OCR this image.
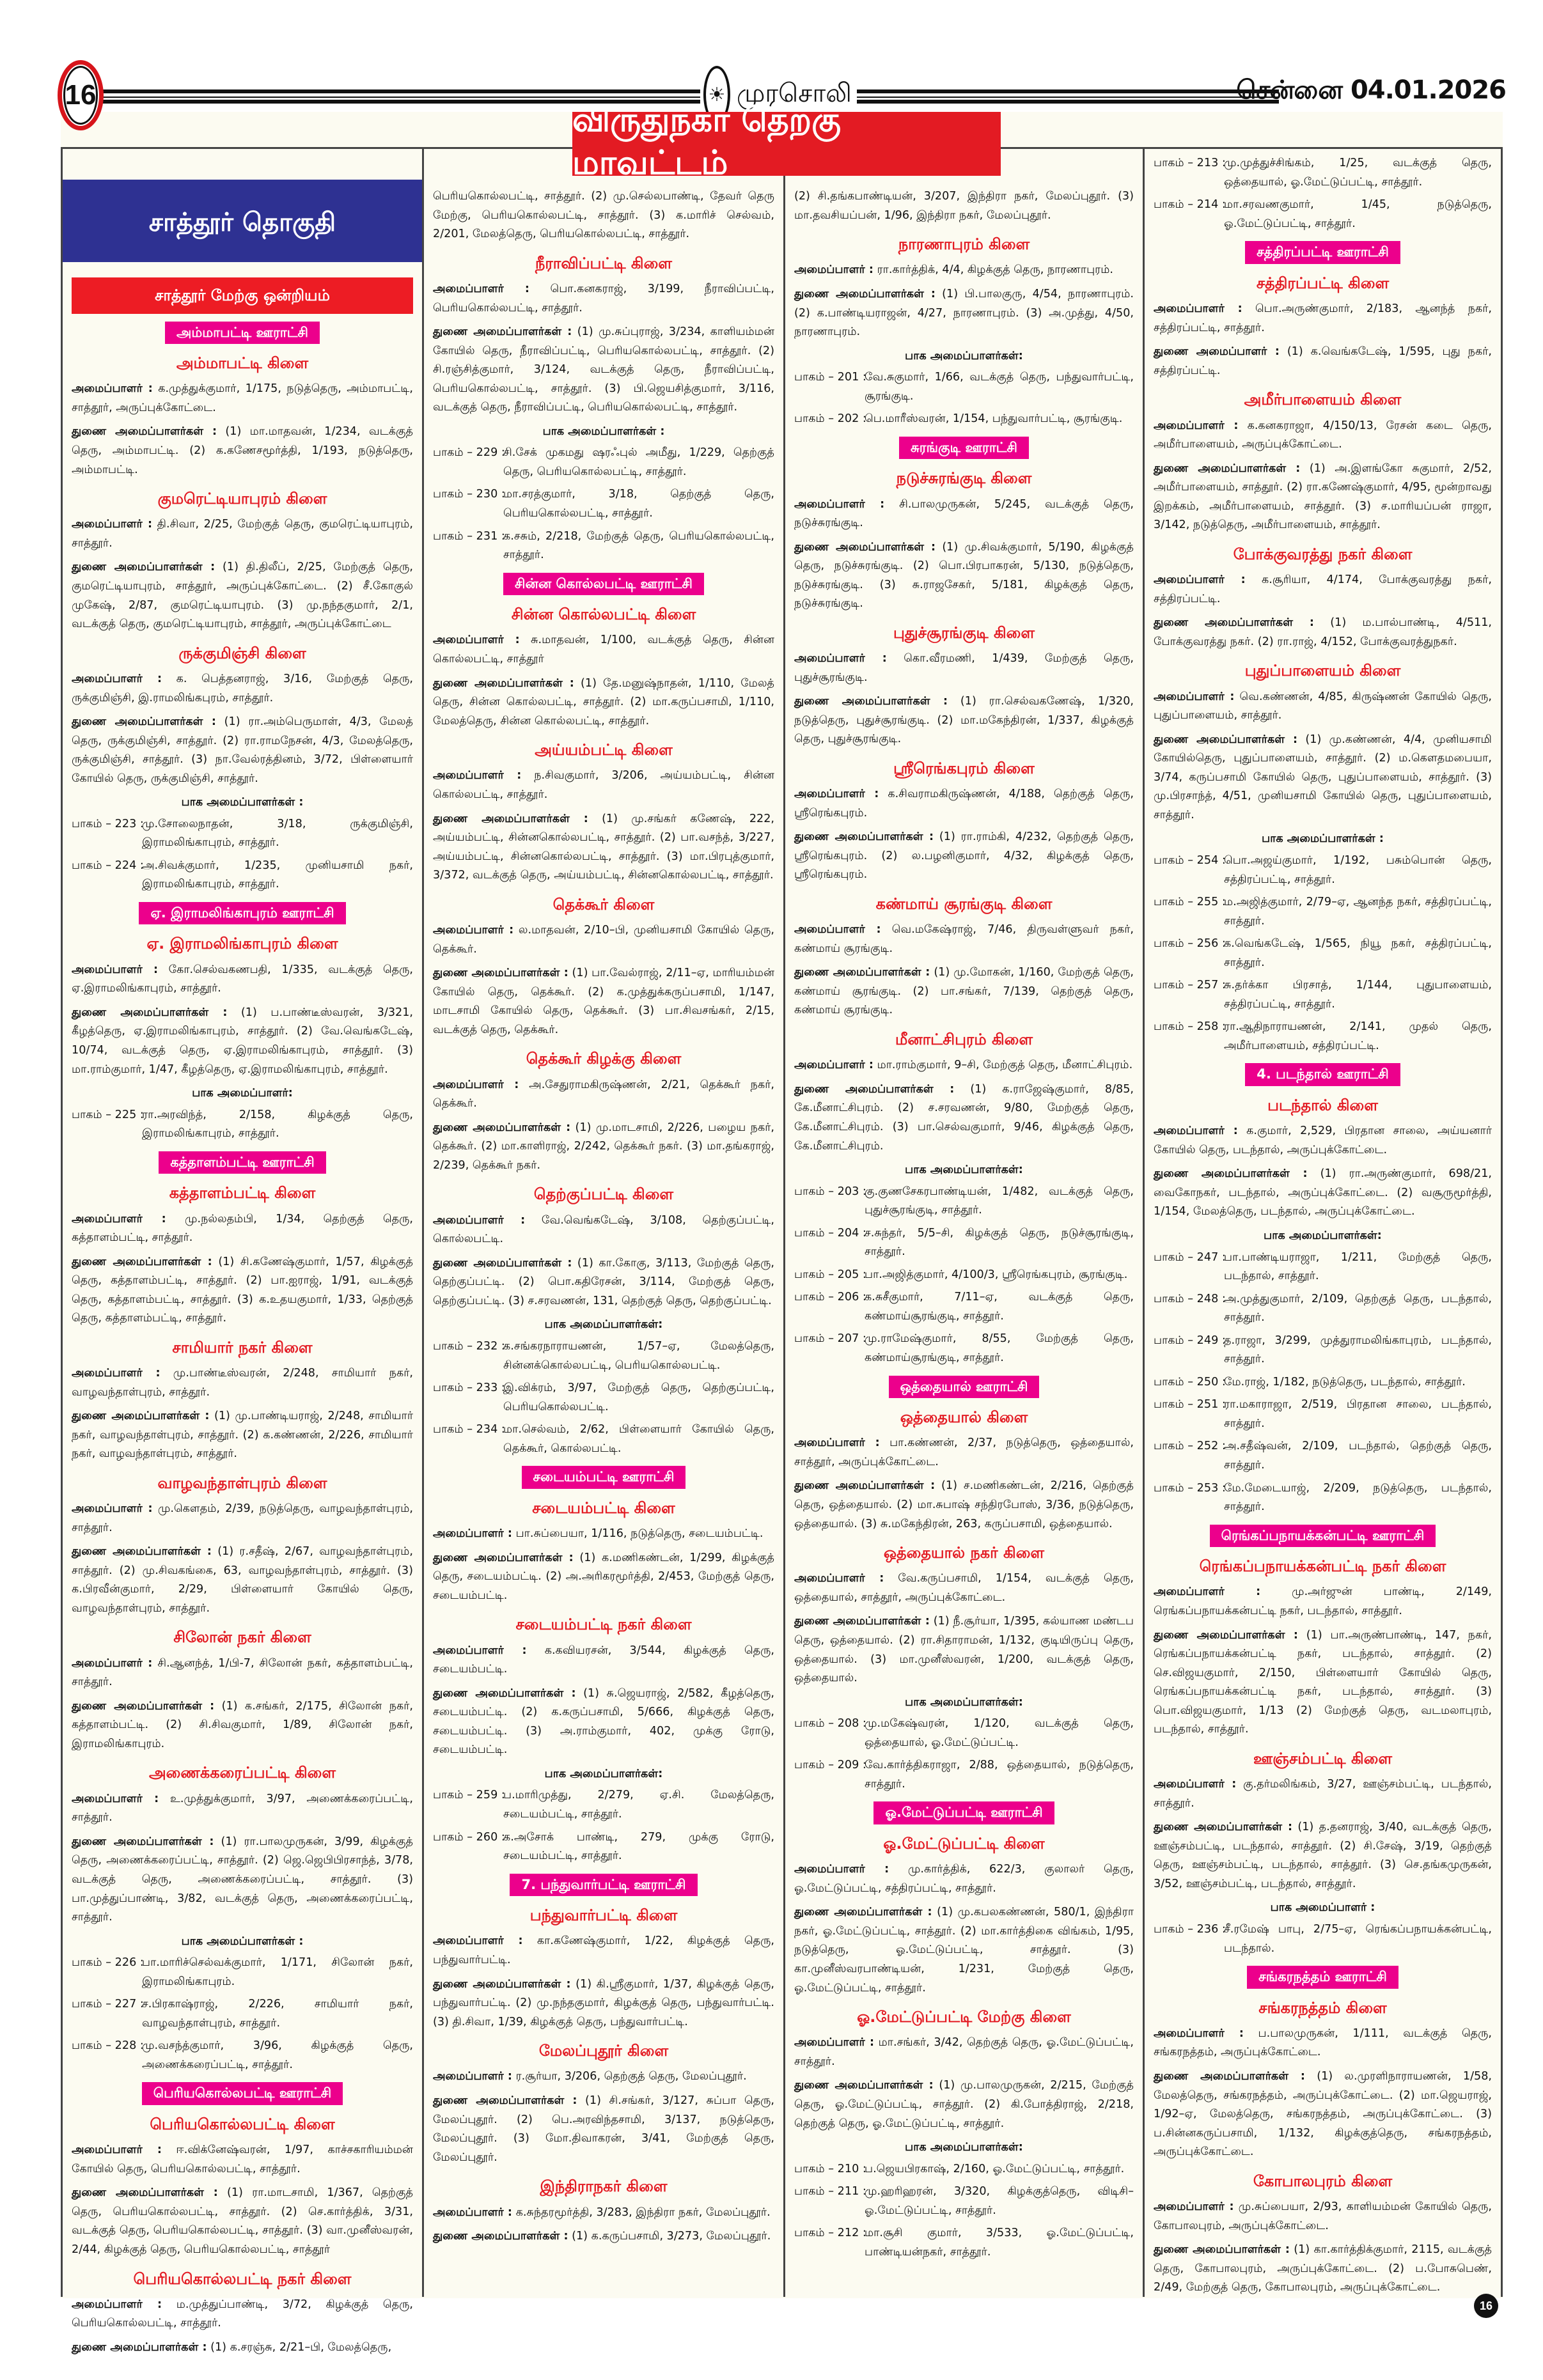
16	☀ முரசொலி	சென்னை 04.01.2026
விருதுநகர் தெற்கு மாவட்டம்
சாத்தூர் தொகுதி
சாத்தூர் மேற்கு ஒன்றியம்
அம்மாபட்டி ஊராட்சி
அம்மாபட்டி கிளை
அமைப்பாளர் : க.முத்துக்குமார், 1/175, நடுத்தெரு, அம்மாபட்டி, சாத்தூர், அருப்புக்கோட்டை.
துணை அமைப்பாளர்கள் : (1) மா.மாதவன், 1/234, வடக்குத் தெரு, அம்மாபட்டி. (2) க.கணேசமூர்த்தி, 1/193, நடுத்தெரு, அம்மாபட்டி.
குமரெட்டியாபுரம் கிளை
அமைப்பாளர் : தி.சிவா, 2/25, மேற்குத் தெரு, குமரெட்டியாபுரம், சாத்தூர்.
துணை அமைப்பாளர்கள் : (1) தி.திலீப், 2/25, மேற்குத் தெரு, குமரெட்டியாபுரம், சாத்தூர், அருப்புக்கோட்டை. (2) சீ.கோகுல் முகேஷ், 2/87, குமரெட்டியாபுரம். (3) மு.நந்தகுமார், 2/1, வடக்குத் தெரு, குமரெட்டியாபுரம், சாத்தூர், அருப்புக்கோட்டை
ருக்குமிஞ்சி கிளை
அமைப்பாளர் : க. பெத்தனராஜ், 3/16, மேற்குத் தெரு, ருக்குமிஞ்சி, இ.ராமலிங்கபுரம், சாத்தூர்.
துணை அமைப்பாளர்கள் : (1) ரா.அம்பெருமாள், 4/3, மேலத் தெரு, ருக்குமிஞ்சி, சாத்தூர். (2) ரா.ராமநேசன், 4/3, மேலத்தெரு, ருக்குமிஞ்சி, சாத்தூர். (3) நா.வேல்ரத்தினம், 3/72, பிள்ளையார் கோயில் தெரு, ருக்குமிஞ்சி, சாத்தூர்.
பாக அமைப்பாளர்கள் :
பாகம் – 223 :
மு.சோலைநாதன், 3/18, ருக்குமிஞ்சி, இராமலிங்காபுரம், சாத்தூர்.
பாகம் – 224 :
அ.சிவக்குமார், 1/235, முனியசாமி நகர், இராமலிங்காபுரம், சாத்தூர்.
ஏ. இராமலிங்காபுரம் ஊராட்சி
ஏ. இராமலிங்காபுரம் கிளை
அமைப்பாளர் : கோ.செல்வகணபதி, 1/335, வடக்குத் தெரு, ஏ.இராமலிங்காபுரம், சாத்தூர்.
துணை அமைப்பாளர்கள் : (1) ப.பாண்டீஸ்வரன், 3/321, கீழத்தெரு, ஏ.இராமலிங்காபுரம், சாத்தூர். (2) வே.வெங்கடேஷ், 10/74, வடக்குத் தெரு, ஏ.இராமலிங்காபுரம், சாத்தூர். (3) மா.ராம்குமார், 1/47, கீழத்தெரு, ஏ.இராமலிங்காபுரம், சாத்தூர்.
பாக அமைப்பாளர்:
பாகம் – 225 :
ரா.அரவிந்த், 2/158, கிழக்குத் தெரு, இராமலிங்காபுரம், சாத்தூர்.
கத்தாளம்பட்டி ஊராட்சி
கத்தாளம்பட்டி கிளை
அமைப்பாளர் : மு.நல்லதம்பி, 1/34, தெற்குத் தெரு, கத்தாளம்பட்டி, சாத்தூர்.
துணை அமைப்பாளர்கள் : (1) சி.கணேஷ்குமார், 1/57, கிழக்குத் தெரு, கத்தாளம்பட்டி, சாத்தூர். (2) பா.ஐராஜ், 1/91, வடக்குத் தெரு, கத்தாளம்பட்டி, சாத்தூர். (3) க.உதயகுமார், 1/33, தெற்குத் தெரு, கத்தாளம்பட்டி, சாத்தூர்.
சாமியார் நகர் கிளை
அமைப்பாளர் : மு.பாண்டீஸ்வரன், 2/248, சாமியார் நகர், வாழவந்தாள்புரம், சாத்தூர்.
துணை அமைப்பாளர்கள் : (1) மு.பாண்டியராஜ், 2/248, சாமியார் நகர், வாழவந்தாள்புரம், சாத்தூர். (2) க.கண்ணன், 2/226, சாமியார் நகர், வாழவந்தாள்புரம், சாத்தூர்.
வாழவந்தாள்புரம் கிளை
அமைப்பாளர் : மு.கௌதம், 2/39, நடுத்தெரு, வாழவந்தாள்புரம், சாத்தூர்.
துணை அமைப்பாளர்கள் : (1) ர.சதீஷ், 2/67, வாழவந்தாள்புரம், சாத்தூர். (2) மு.சிவகங்கை, 63, வாழவந்தாள்புரம், சாத்தூர். (3) க.பிரவீன்குமார், 2/29, பிள்ளையார் கோயில் தெரு, வாழவந்தாள்புரம், சாத்தூர்.
சிலோன் நகர் கிளை
அமைப்பாளர் : சி.ஆனந்த், 1/பி-7, சிலோன் நகர், கத்தாளம்பட்டி, சாத்தூர்.
துணை அமைப்பாளர்கள் : (1) க.சங்கர், 2/175, சிலோன் நகர், கத்தாளம்பட்டி. (2) சி.சிவகுமார், 1/89, சிலோன் நகர், இராமலிங்காபுரம்.
அணைக்கரைப்பட்டி கிளை
அமைப்பாளர் : உ.முத்துக்குமார், 3/97, அணைக்கரைப்பட்டி, சாத்தூர்.
துணை அமைப்பாளர்கள் : (1) ரா.பாலமுருகன், 3/99, கிழக்குத் தெரு, அணைக்கரைப்பட்டி, சாத்தூர். (2) ஜெ.ஜெபிபிரசாந்த், 3/78, வடக்குத் தெரு, அணைக்கரைப்பட்டி, சாத்தூர். (3) பா.முத்துப்பாண்டி, 3/82, வடக்குத் தெரு, அணைக்கரைப்பட்டி, சாத்தூர்.
பாக அமைப்பாளர்கள் :
பாகம் – 226 :
பா.மாரிச்செல்வக்குமார், 1/171, சிலோன் நகர், இராமலிங்காபுரம்.
பாகம் – 227 :
ச.பிரகாஷ்ராஜ், 2/226, சாமியார் நகர், வாழவந்தாள்புரம், சாத்தூர்.
பாகம் – 228 :
மு.வசந்த்குமார், 3/96, கிழக்குத் தெரு, அணைக்கரைப்பட்டி, சாத்தூர்.
பெரியகொல்லபட்டி ஊராட்சி
பெரியகொல்லபட்டி கிளை
அமைப்பாளர் : ஈ.விக்னேஷ்வரன், 1/97, காச்சகாரியம்மன் கோயில் தெரு, பெரியகொல்லபட்டி, சாத்தூர்.
துணை அமைப்பாளர்கள் : (1) ரா.மாடசாமி, 1/367, தெற்குத் தெரு, பெரியகொல்லபட்டி, சாத்தூர். (2) செ.கார்த்திக், 3/31, வடக்குத் தெரு, பெரியகொல்லபட்டி, சாத்தூர். (3) வா.முனீஸ்வரன், 2/44, கிழக்குத் தெரு, பெரியகொல்லபட்டி, சாத்தூர்
பெரியகொல்லபட்டி நகர் கிளை
அமைப்பாளர் : ம.முத்துப்பாண்டி, 3/72, கிழக்குத் தெரு, பெரியகொல்லபட்டி, சாத்தூர்.
துணை அமைப்பாளர்கள் : (1) க.சரஞ்சு, 2/21–பி, மேலத்தெரு,
பெரியகொல்லபட்டி, சாத்தூர். (2) மு.செல்லபாண்டி, தேவர் தெரு மேற்கு, பெரியகொல்லபட்டி, சாத்தூர். (3) க.மாரிச் செல்வம், 2/201, மேலத்தெரு, பெரியகொல்லபட்டி, சாத்தூர்.
நீராவிப்பட்டி கிளை
அமைப்பாளர் : பொ.கனகராஜ், 3/199, நீராவிப்பட்டி, பெரியகொல்லபட்டி, சாத்தூர்.
துணை அமைப்பாளர்கள் : (1) மு.சுப்புராஜ், 3/234, காளியம்மன் கோயில் தெரு, நீராவிப்பட்டி, பெரியகொல்லபட்டி, சாத்தூர். (2) சி.ரஞ்சித்குமார், 3/124, வடக்குத் தெரு, நீராவிப்பட்டி, பெரியகொல்லபட்டி, சாத்தூர். (3) பி.ஜெயசித்குமார், 3/116, வடக்குத் தெரு, நீராவிப்பட்டி, பெரியகொல்லபட்டி, சாத்தூர்.
பாக அமைப்பாளர்கள் :
பாகம் – 229 :
சி.சேக் முகமது ஷரஃபுல் அமீது, 1/229, தெற்குத் தெரு, பெரியகொல்லபட்டி, சாத்தூர்.
பாகம் – 230 :
மா.சரத்குமார், 3/18, தெற்குத் தெரு, பெரியகொல்லபட்டி, சாத்தூர்.
பாகம் – 231 :
க.சசும், 2/218, மேற்குத் தெரு, பெரியகொல்லபட்டி, சாத்தூர்.
சின்ன கொல்லபட்டி ஊராட்சி
சின்ன கொல்லபட்டி கிளை
அமைப்பாளர் : சு.மாதவன், 1/100, வடக்குத் தெரு, சின்ன கொல்லபட்டி, சாத்தூர்
துணை அமைப்பாளர்கள் : (1) தே.மனுஷ்நாதன், 1/110, மேலத் தெரு, சின்ன கொல்லபட்டி, சாத்தூர். (2) மா.கருப்பசாமி, 1/110, மேலத்தெரு, சின்ன கொல்லபட்டி, சாத்தூர்.
அய்யம்பட்டி கிளை
அமைப்பாளர் : ந.சிவகுமார், 3/206, அய்யம்பட்டி, சின்ன கொல்லபட்டி, சாத்தூர்.
துணை அமைப்பாளர்கள் : (1) மு.சங்கர் கணேஷ், 222, அய்யம்பட்டி, சின்னகொல்லபட்டி, சாத்தூர். (2) பா.வசந்த், 3/227, அய்யம்பட்டி, சின்னகொல்லபட்டி, சாத்தூர். (3) மா.பிரபுத்குமார், 3/372, வடக்குத் தெரு, அய்யம்பட்டி, சின்னகொல்லபட்டி, சாத்தூர்.
தெக்கூர் கிளை
அமைப்பாளர் : ல.மாதவன், 2/10–பி, முனியசாமி கோயில் தெரு, தெக்கூர்.
துணை அமைப்பாளர்கள் : (1) பா.வேல்ராஜ், 2/11–ஏ, மாரியம்மன் கோயில் தெரு, தெக்கூர். (2) க.முத்துக்கருப்பசாமி, 1/147, மாடசாமி கோயில் தெரு, தெக்கூர். (3) பா.சிவசங்கர், 2/15, வடக்குத் தெரு, தெக்கூர்.
தெக்கூர் கிழக்கு கிளை
அமைப்பாளர் : அ.சேதுராமகிருஷ்ணன், 2/21, தெக்கூர் நகர், தெக்கூர்.
துணை அமைப்பாளர்கள் : (1) மு.மாடசாமி, 2/226, பழைய நகர், தெக்கூர். (2) மா.காளிராஜ், 2/242, தெக்கூர் நகர். (3) மா.தங்கராஜ், 2/239, தெக்கூர் நகர்.
தெற்குப்பட்டி கிளை
அமைப்பாளர் : வே.வெங்கடேஷ், 3/108, தெற்குப்பட்டி, கொல்லபட்டி.
துணை அமைப்பாளர்கள் : (1) கா.கோகு, 3/113, மேற்குத் தெரு, தெற்குப்பட்டி. (2) பொ.கதிரேசன், 3/114, மேற்குத் தெரு, தெற்குப்பட்டி. (3) ச.சரவணன், 131, தெற்குத் தெரு, தெற்குப்பட்டி.
பாக அமைப்பாளர்கள்:
பாகம் – 232 :
க.சங்கரநாராயணன், 1/57–ஏ, மேலத்தெரு, சின்னக்கொல்லபட்டி, பெரியகொல்லபட்டி.
பாகம் – 233 :
இ.விக்ரம், 3/97, மேற்குத் தெரு, தெற்குப்பட்டி, பெரியகொல்லபட்டி.
பாகம் – 234 :
மா.செல்வம், 2/62, பிள்ளையார் கோயில் தெரு, தெக்கூர், கொல்லபட்டி.
சடையம்பட்டி ஊராட்சி
சடையம்பட்டி கிளை
அமைப்பாளர் : பா.சுப்பையா, 1/116, நடுத்தெரு, சடையம்பட்டி.
துணை அமைப்பாளர்கள் : (1) க.மணிகண்டன், 1/299, கிழக்குத் தெரு, சடையம்பட்டி. (2) அ.அரிகரமூர்த்தி, 2/453, மேற்குத் தெரு, சடையம்பட்டி.
சடையம்பட்டி நகர் கிளை
அமைப்பாளர் : க.கவியரசன், 3/544, கிழக்குத் தெரு, சடையம்பட்டி.
துணை அமைப்பாளர்கள் : (1) சு.ஜெயராஜ், 2/582, கீழத்தெரு, சடையம்பட்டி. (2) க.கருப்பசாமி, 5/666, கிழக்குத் தெரு, சடையம்பட்டி. (3) அ.ராம்குமார், 402, முக்கு ரோடு, சடையம்பட்டி.
பாக அமைப்பாளர்கள்:
பாகம் – 259 :
ப.மாரிமுத்து, 2/279, ஏ.சி. மேலத்தெரு, சடையம்பட்டி, சாத்தூர்.
பாகம் – 260 :
க.அசோக் பாண்டி, 279, முக்கு ரோடு, சடையம்பட்டி, சாத்தூர்.
7. பந்துவார்பட்டி ஊராட்சி
பந்துவார்பட்டி கிளை
அமைப்பாளர் : கா.கணேஷ்குமார், 1/22, கிழக்குத் தெரு, பந்துவார்பட்டி.
துணை அமைப்பாளர்கள் : (1) கி.ஸ்ரீகுமார், 1/37, கிழக்குத் தெரு, பந்துவார்பட்டி. (2) மு.நந்தகுமார், கிழக்குத் தெரு, பந்துவார்பட்டி. (3) தி.சிவா, 1/39, கிழக்குத் தெரு, பந்துவார்பட்டி.
மேலப்புதூர் கிளை
அமைப்பாளர் : ர.சூர்யா, 3/206, தெற்குத் தெரு, மேலப்புதூர்.
துணை அமைப்பாளர்கள் : (1) சி.சங்கர், 3/127, சுப்பா தெரு, மேலப்புதூர். (2) பெ.அரவிந்தசாமி, 3/137, நடுத்தெரு, மேலப்புதூர். (3) மோ.திவாகரன், 3/41, மேற்குத் தெரு, மேலப்புதூர்.
இந்திராநகர் கிளை
அமைப்பாளர் : க.சுந்தரமூர்த்தி, 3/283, இந்திரா நகர், மேலப்புதூர்.
துணை அமைப்பாளர்கள் : (1) க.கருப்பசாமி, 3/273, மேலப்புதூர்.
(2) சி.தங்கபாண்டியன், 3/207, இந்திரா நகர், மேலப்புதூர். (3) மா.தவசியப்பன், 1/96, இந்திரா நகர், மேலப்புதூர்.
நாரணாபுரம் கிளை
அமைப்பாளர் : ரா.கார்த்திக், 4/4, கிழக்குத் தெரு, நாரணாபுரம்.
துணை அமைப்பாளர்கள் : (1) பி.பாலகுரு, 4/54, நாரணாபுரம். (2) க.பாண்டியராஜன், 4/27, நாரணாபுரம். (3) அ.முத்து, 4/50, நாரணாபுரம்.
பாக அமைப்பாளர்கள்:
பாகம் – 201 :
வே.சுகுமார், 1/66, வடக்குத் தெரு, பந்துவார்பட்டி, சூரங்குடி.
பாகம் – 202 :
பெ.மாரீஸ்வரன், 1/154, பந்துவார்பட்டி, சூரங்குடி.
சுரங்குடி ஊராட்சி
நடுச்சுரங்குடி கிளை
அமைப்பாளர் : சி.பாலமுருகன், 5/245, வடக்குத் தெரு, நடுச்சுரங்குடி.
துணை அமைப்பாளர்கள் : (1) மு.சிவக்குமார், 5/190, கிழக்குத் தெரு, நடுச்சுரங்குடி. (2) பொ.பிரபாகரன், 5/130, நடுத்தெரு, நடுச்சுரங்குடி. (3) சு.ராஜசேகர், 5/181, கிழக்குத் தெரு, நடுச்சுரங்குடி.
புதுச்சூரங்குடி கிளை
அமைப்பாளர் : கொ.வீரமணி, 1/439, மேற்குத் தெரு, புதுச்சூரங்குடி.
துணை அமைப்பாளர்கள் : (1) ரா.செல்வகணேஷ், 1/320, நடுத்தெரு, புதுச்சூரங்குடி. (2) மா.மகேந்திரன், 1/337, கிழக்குத் தெரு, புதுச்சூரங்குடி.
ஸ்ரீரெங்கபுரம் கிளை
அமைப்பாளர் : க.சிவராமகிருஷ்ணன், 4/188, தெற்குத் தெரு, ஸ்ரீரெங்கபுரம்.
துணை அமைப்பாளர்கள் : (1) ரா.ராம்கி, 4/232, தெற்குத் தெரு, ஸ்ரீரெங்கபுரம். (2) ல.பழனிகுமார், 4/32, கிழக்குத் தெரு, ஸ்ரீரெங்கபுரம்.
கண்மாய் சூரங்குடி கிளை
அமைப்பாளர் : வெ.மகேஷ்ராஜ், 7/46, திருவள்ளுவர் நகர், கண்மாய் சூரங்குடி.
துணை அமைப்பாளர்கள் : (1) மு.மோகன், 1/160, மேற்குத் தெரு, கண்மாய் சூரங்குடி. (2) பா.சங்கர், 7/139, தெற்குத் தெரு, கண்மாய் சூரங்குடி.
மீனாட்சிபுரம் கிளை
அமைப்பாளர் : மா.ராம்குமார், 9–சி, மேற்குத் தெரு, மீனாட்சிபுரம்.
துணை அமைப்பாளர்கள் : (1) க.ராஜேஷ்குமார், 8/85, கே.மீனாட்சிபுரம். (2) ச.சரவணன், 9/80, மேற்குத் தெரு, கே.மீனாட்சிபுரம். (3) பா.செல்வகுமார், 9/46, கிழக்குத் தெரு, கே.மீனாட்சிபுரம்.
பாக அமைப்பாளர்கள்:
பாகம் – 203 :
கு.குணசேகரபாண்டியன், 1/482, வடக்குத் தெரு, புதுச்சூரங்குடி, சாத்தூர்.
பாகம் – 204 :
ச.சுந்தர், 5/5–சி, கிழக்குத் தெரு, நடுச்சூரங்குடி, சாத்தூர்.
பாகம் – 205 :
பா.அஜித்குமார், 4/100/3, ஸ்ரீரெங்கபுரம், சூரங்குடி.
பாகம் – 206 :
க.சுசீகுமார், 7/11–ஏ, வடக்குத் தெரு, கண்மாய்சூரங்குடி, சாத்தூர்.
பாகம் – 207 :
மு.ராமேஷ்குமார், 8/55, மேற்குத் தெரு, கண்மாய்சூரங்குடி, சாத்தூர்.
ஒத்தையால் ஊராட்சி
ஒத்தையால் கிளை
அமைப்பாளர் : பா.கண்ணன், 2/37, நடுத்தெரு, ஒத்தையால், சாத்தூர், அருப்புக்கோட்டை.
துணை அமைப்பாளர்கள் : (1) ச.மணிகண்டன், 2/216, தெற்குத் தெரு, ஒத்தையால். (2) மா.சுபாஷ் சந்திரபோஸ், 3/36, நடுத்தெரு, ஒத்தையால். (3) சு.மகேந்திரன், 263, கருப்பசாமி, ஒத்தையால்.
ஒத்தையால் நகர் கிளை
அமைப்பாளர் : வே.கருப்பசாமி, 1/154, வடக்குத் தெரு, ஒத்தையால், சாத்தூர், அருப்புக்கோட்டை.
துணை அமைப்பாளர்கள் : (1) நீ.சூர்யா, 1/395, கல்யாண மண்டப தெரு, ஒத்தையால். (2) ரா.சிதாராமன், 1/132, குடியிருப்பு தெரு, ஒத்தையால். (3) மா.முனீஸ்வரன், 1/200, வடக்குத் தெரு, ஒத்தையால்.
பாக அமைப்பாளர்கள்:
பாகம் – 208 :
மு.மகேஷ்வரன், 1/120, வடக்குத் தெரு, ஒத்தையால், ஓ.மேட்டுப்பட்டி.
பாகம் – 209 :
வே.கார்த்திகராஜா, 2/88, ஒத்தையால், நடுத்தெரு, சாத்தூர்.
ஓ.மேட்டுப்பட்டி ஊராட்சி
ஓ.மேட்டுப்பட்டி கிளை
அமைப்பாளர் : மு.கார்த்திக், 622/3, குலாலர் தெரு, ஓ.மேட்டுப்பட்டி, சத்திரப்பட்டி, சாத்தூர்.
துணை அமைப்பாளர்கள் : (1) மு.கபலகண்ணன், 580/1, இந்திரா நகர், ஓ.மேட்டுப்பட்டி, சாத்தூர். (2) மா.கார்த்திகை விங்கம், 1/95, நடுத்தெரு, ஓ.மேட்டுப்பட்டி, சாத்தூர். (3) கா.முனீஸ்வரபாண்டியன், 1/231, மேற்குத் தெரு, ஓ.மேட்டுப்பட்டி, சாத்தூர்.
ஓ.மேட்டுப்பட்டி மேற்கு கிளை
அமைப்பாளர் : மா.சங்கர், 3/42, தெற்குத் தெரு, ஓ.மேட்டுப்பட்டி, சாத்தூர்.
துணை அமைப்பாளர்கள் : (1) மு.பாலமுருகன், 2/215, மேற்குத் தெரு, ஓ.மேட்டுப்பட்டி, சாத்தூர். (2) கி.போத்திராஜ், 2/218, தெற்குத் தெரு, ஓ.மேட்டுப்பட்டி, சாத்தூர்.
பாக அமைப்பாளர்கள்:
பாகம் – 210 :
ப.ஜெயபிரகாஷ், 2/160, ஓ.மேட்டுப்பட்டி, சாத்தூர்.
பாகம் – 211 :
மு.ஹரிஹரன், 3/320, கிழக்குத்தெரு, விடிசி–ஓ.மேட்டுப்பட்டி, சாத்தூர்.
பாகம் – 212 :
மா.சூசி குமார், 3/533, ஓ.மேட்டுப்பட்டி, பாண்டியன்நகர், சாத்தூர்.
பாகம் – 213 :
மு.முத்துச்சிங்கம், 1/25, வடக்குத் தெரு, ஒத்தையால், ஓ.மேட்டுப்பட்டி, சாத்தூர்.
பாகம் – 214 :
மா.சரவணகுமார், 1/45, நடுத்தெரு, ஓ.மேட்டுப்பட்டி, சாத்தூர்.
சத்திரப்பட்டி ஊராட்சி
சத்திரப்பட்டி கிளை
அமைப்பாளர் : பொ.அருண்குமார், 2/183, ஆனந்த் நகர், சத்திரப்பட்டி, சாத்தூர்.
துணை அமைப்பாளர் : (1) க.வெங்கடேஷ், 1/595, புது நகர், சத்திரப்பட்டி.
அமீர்பாளையம் கிளை
அமைப்பாளர் : க.கனகராஜா, 4/150/13, ரேசன் கடை தெரு, அமீர்பாளையம், அருப்புக்கோட்டை.
துணை அமைப்பாளர்கள் : (1) அ.இளங்கோ சுகுமார், 2/52, அமீர்பாளையம், சாத்தூர். (2) ரா.கணேஷ்குமார், 4/95, மூன்றாவது இறக்கம், அமீர்பாளையம், சாத்தூர். (3) ச.மாரியப்பன் ராஜா, 3/142, நடுத்தெரு, அமீர்பாளையம், சாத்தூர்.
போக்குவரத்து நகர் கிளை
அமைப்பாளர் : க.சூரியா, 4/174, போக்குவரத்து நகர், சத்திரப்பட்டி.
துணை அமைப்பாளர்கள் : (1) ம.பால்பாண்டி, 4/511, போக்குவரத்து நகர். (2) ரா.ராஜ், 4/152, போக்குவரத்துநகர்.
புதுப்பாளையம் கிளை
அமைப்பாளர் : வெ.கண்ணன், 4/85, கிருஷ்ணன் கோயில் தெரு, புதுப்பாளையம், சாத்தூர்.
துணை அமைப்பாளர்கள் : (1) மு.கண்ணன், 4/4, முனியசாமி கோயில்தெரு, புதுப்பாளையம், சாத்தூர். (2) ம.கௌதமபையா, 3/74, கருப்பசாமி கோயில் தெரு, புதுப்பாளையம், சாத்தூர். (3) மு.பிரசாந்த், 4/51, முனியசாமி கோயில் தெரு, புதுப்பாளையம், சாத்தூர்.
பாக அமைப்பாளர்கள் :
பாகம் – 254 :
பொ.அஜய்குமார், 1/192, பசும்பொன் தெரு, சத்திரப்பட்டி, சாத்தூர்.
பாகம் – 255 :
ம.அஜித்குமார், 2/79–ஏ, ஆனந்த நகர், சத்திரப்பட்டி, சாத்தூர்.
பாகம் – 256 :
க.வெங்கடேஷ், 1/565, நியூ நகர், சத்திரப்பட்டி, சாத்தூர்.
பாகம் – 257 :
சு.தர்க்கா பிரசாத், 1/144, புதுபாளையம், சத்திரப்பட்டி, சாத்தூர்.
பாகம் – 258 :
ரா.ஆதிநாராயணன், 2/141, முதல் தெரு, அமீர்பாளையம், சத்திரப்பட்டி.
4. படந்தால் ஊராட்சி
படந்தால் கிளை
அமைப்பாளர் : க.குமார், 2,529, பிரதான சாலை, அய்யனார் கோயில் தெரு, படந்தால், அருப்புக்கோட்டை.
துணை அமைப்பாளர்கள் : (1) ரா.அருண்குமார், 698/21, வைகோநகர், படந்தால், அருப்புக்கோட்டை. (2) வசூருமூர்த்தி, 1/154, மேலத்தெரு, படந்தால், அருப்புக்கோட்டை.
பாக அமைப்பாளர்கள்:
பாகம் – 247 :
பா.பாண்டியராஜா, 1/211, மேற்குத் தெரு, படந்தால், சாத்தூர்.
பாகம் – 248 :
அ.முத்துகுமார், 2/109, தெற்குத் தெரு, படந்தால், சாத்தூர்.
பாகம் – 249 :
த.ராஜா, 3/299, முத்துராமலிங்காபுரம், படந்தால், சாத்தூர்.
பாகம் – 250 :
மே.ராஜ், 1/182, நடுத்தெரு, படந்தால், சாத்தூர்.
பாகம் – 251 :
ரா.மகாராஜா, 2/519, பிரதான சாலை, படந்தால், சாத்தூர்.
பாகம் – 252 :
அ.சதீஷ்வன், 2/109, படந்தால், தெற்குத் தெரு, சாத்தூர்.
பாகம் – 253 :
மே.மேடையாஜ், 2/209, நடுத்தெரு, படந்தால், சாத்தூர்.
ரெங்கப்பநாயக்கன்பட்டி ஊராட்சி
ரெங்கப்பநாயக்கன்பட்டி நகர் கிளை
அமைப்பாளர் :	மு.அர்ஜுன் பாண்டி, 2/149, ரெங்கப்பநாயக்கன்பட்டி நகர், படந்தால், சாத்தூர்.
துணை அமைப்பாளர்கள் : (1) பா.அருண்பாண்டி, 147, நகர், ரெங்கப்பநாயக்கன்பட்டி நகர், படந்தால், சாத்தூர். (2) செ.விஜயகுமார், 2/150, பிள்ளையார் கோயில் தெரு, ரெங்கப்பநாயக்கன்பட்டி நகர், படந்தால், சாத்தூர். (3) பொ.விஜயகுமார், 1/13 (2) மேற்குத் தெரு, வடமலாபுரம், படந்தால், சாத்தூர்.
ஊஞ்சம்பட்டி கிளை
அமைப்பாளர் : கு.தர்மலிங்கம், 3/27, ஊஞ்சம்பட்டி, படந்தால், சாத்தூர்.
துணை அமைப்பாளர்கள் : (1) த.தனராஜ், 3/40, வடக்குத் தெரு, ஊஞ்சம்பட்டி, படந்தால், சாத்தூர். (2) சி.சேஷ், 3/19, தெற்குத் தெரு, ஊஞ்சம்பட்டி, படந்தால், சாத்தூர். (3) செ.தங்கமுருகன், 3/52, ஊஞ்சம்பட்டி, படந்தால், சாத்தூர்.
பாக அமைப்பாளர் :
பாகம் – 236 :
சீ.ரமேஷ் பாபு, 2/75–ஏ, ரெங்கப்பநாயக்கன்பட்டி, படந்தால்.
சங்கரநத்தம் ஊராட்சி
சங்கரநத்தம் கிளை
அமைப்பாளர் : ப.பாலமுருகன், 1/111, வடக்குத் தெரு, சங்கரநத்தம், அருப்புக்கோட்டை.
துணை அமைப்பாளர்கள் : (1) ல.முரளிநாராயணன், 1/58, மேலத்தெரு, சங்கரநத்தம், அருப்புக்கோட்டை. (2) மா.ஜெயராஜ், 1/92–ஏ, மேலத்தெரு, சங்கரநத்தம், அருப்புக்கோட்டை. (3) ப.சின்னகருப்பசாமி, 1/132, கிழக்குத்தெரு, சங்கரநத்தம், அருப்புக்கோட்டை.
கோபாலபுரம் கிளை
அமைப்பாளர் : மு.சுப்பையா, 2/93, காளியம்மன் கோயில் தெரு, கோபாலபுரம், அருப்புக்கோட்டை.
துணை அமைப்பாளர்கள் : (1) கா.கார்த்திக்குமார், 2115, வடக்குத் தெரு, கோபாலபுரம், அருப்புக்கோட்டை. (2) ப.போசுபெண், 2/49, மேற்குத் தெரு, கோபாலபுரம், அருப்புக்கோட்டை.
16
